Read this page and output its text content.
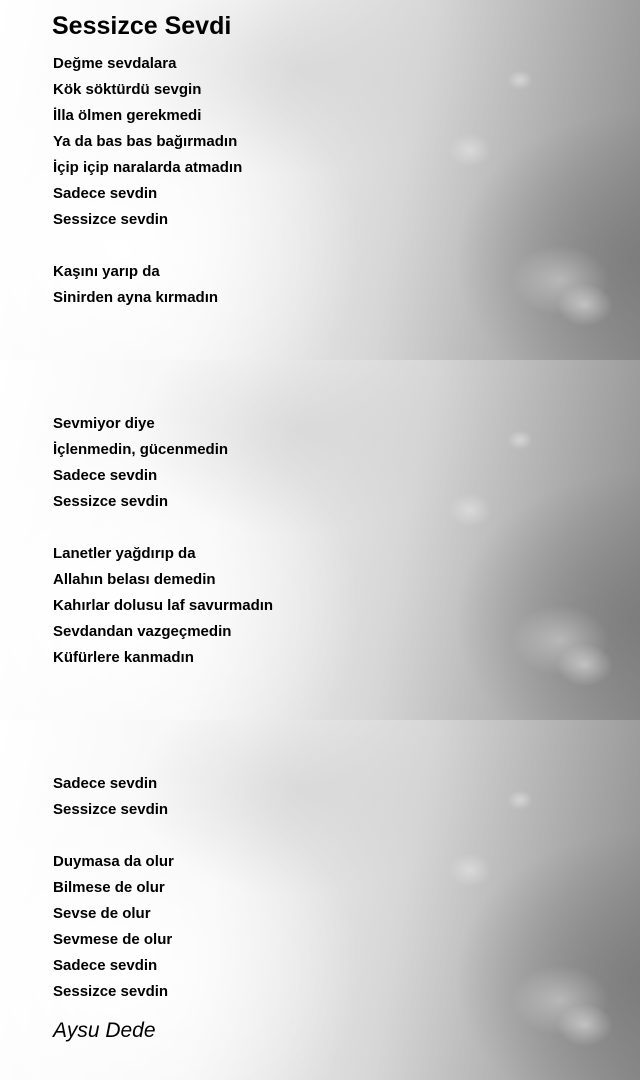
Sessizce Sevdi
Değme sevdalara
Kök söktürdü sevgin
İlla ölmen gerekmedi
Ya da bas bas bağırmadın
İçip içip naralarda atmadın
Sadece sevdin
Sessizce sevdin
Kaşını yarıp da
Sinirden ayna kırmadın
Sevmiyor diye
İçlenmedin, gücenmedin
Sadece sevdin
Sessizce sevdin
Lanetler yağdırıp da
Allahın belası demedin
Kahırlar dolusu laf savurmadın
Sevdandan vazgeçmedin
Küfürlere kanmadın
Sadece sevdin
Sessizce sevdin
Duymasa da olur
Bilmese de olur
Sevse de olur
Sevmese de olur
Sadece sevdin
Sessizce sevdin

Aysu Dede
